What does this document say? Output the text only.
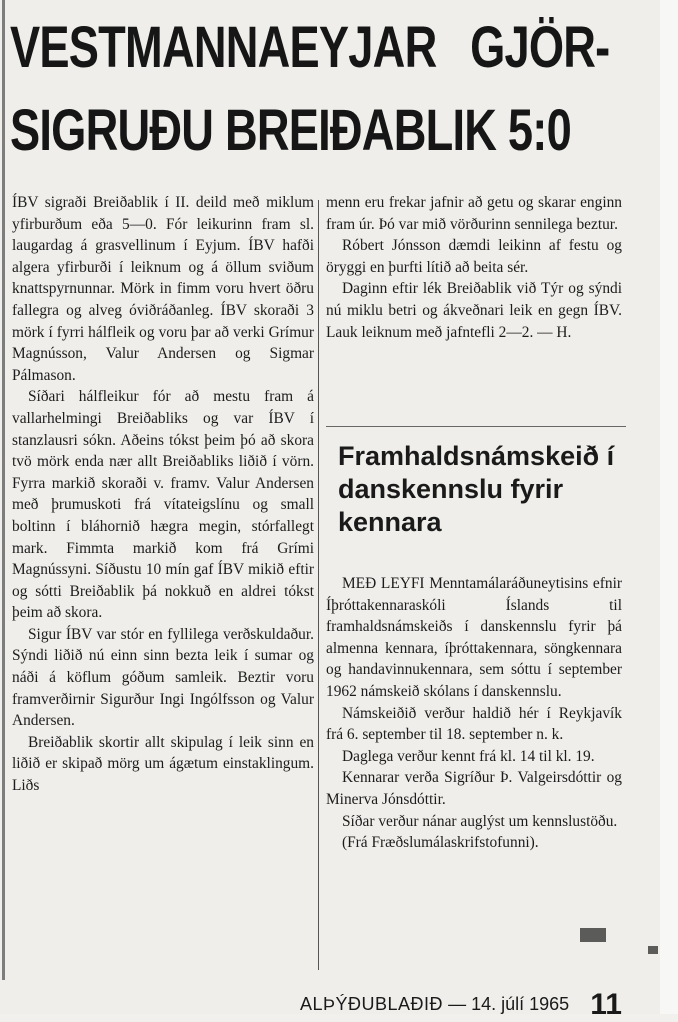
VESTMANNAEYJAR GJÖR-
SIGRUÐU BREIÐABLIK 5:0

ÍBV sigraði Breiðablik í II. deild með miklum yfirburðum eða 5—0. Fór leikurinn fram sl. laugardag á grasvellinum í Eyjum. ÍBV hafði algera yfirburði í leiknum og á öllum sviðum knattspyrnunnar. Mörk in fimm voru hvert öðru fallegra og alveg óviðráðanleg. ÍBV skoraði 3 mörk í fyrri hálfleik og voru þar að verki Grímur Magnússon, Valur Andersen og Sigmar Pálmason.

Síðari hálfleikur fór að mestu fram á vallarhelmingi Breiðabliks og var ÍBV í stanzlausri sókn. Aðeins tókst þeim þó að skora tvö mörk enda nær allt Breiðabliks liðið í vörn. Fyrra markið skoraði v. framv. Valur Andersen með þrumuskoti frá vítateigslínu og small boltinn í bláhornið hægra megin, stórfallegt mark. Fimmta markið kom frá Grími Magnússyni. Síðustu 10 mín gaf ÍBV mikið eftir og sótti Breiðablik þá nokkuð en aldrei tókst þeim að skora.

Sigur ÍBV var stór en fyllilega verðskuldaður. Sýndi liðið nú einn sinn bezta leik í sumar og náði á köflum góðum samleik. Beztir voru framverðirnir Sigurður Ingi Ingólfsson og Valur Andersen.

Breiðablik skortir allt skipulag í leik sinn en liðið er skipað mörg um ágætum einstaklingum. Liðs

menn eru frekar jafnir að getu og skarar enginn fram úr. Þó var mið vörðurinn sennilega beztur.

Róbert Jónsson dæmdi leikinn af festu og öryggi en þurfti lítið að beita sér.

Daginn eftir lék Breiðablik við Týr og sýndi nú miklu betri og ákveðnari leik en gegn ÍBV. Lauk leiknum með jafntefli 2—2. — H.

Framhaldsnámskeið í danskennslu fyrir kennara

MEÐ LEYFI Menntamálaráðuneytisins efnir Íþróttakennaraskóli Íslands til framhaldsnámskeiðs í danskennslu fyrir þá almenna kennara, íþróttakennara, söngkennara og handavinnukennara, sem sóttu í september 1962 námskeið skólans í danskennslu.

Námskeiðið verður haldið hér í Reykjavík frá 6. september til 18. september n. k.

Daglega verður kennt frá kl. 14 til kl. 19.

Kennarar verða Sigríður Þ. Valgeirsdóttir og Minerva Jónsdóttir.

Síðar verður nánar auglýst um kennslustöðu.

(Frá Fræðslumálaskrifstofunni).

ALÞÝÐUBLAÐIÐ — 14. júlí 1965 11
